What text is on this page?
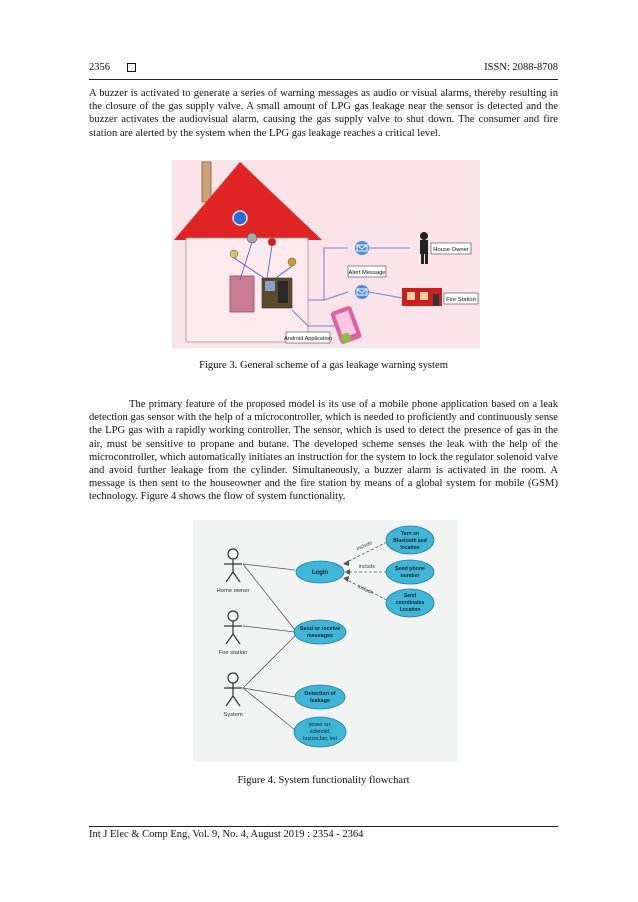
2356	ISSN: 2088-8708

A buzzer is activated to generate a series of warning messages as audio or visual alarms, thereby resulting in the closure of the gas supply valve. A small amount of LPG gas leakage near the sensor is detected and the buzzer activates the audiovisual alarm, causing the gas supply valve to shut down. The consumer and fire station are alerted by the system when the LPG gas leakage reaches a critical level.

House Owner
Alert Message
Fire Station
Android Application
Figure 3. General scheme of a gas leakage warning system

The primary feature of the proposed model is its use of a mobile phone application based on a leak detection gas sensor with the help of a microcontroller, which is needed to proficiently and continuously sense the LPG gas with a rapidly working controller. The sensor, which is used to detect the presence of gas in the air, must be sensitive to propane and butane. The developed scheme senses the leak with the help of the microcontroller, which automatically initiates an instruction for the system to lock the regulator solenoid valve and avoid further leakage from the cylinder. Simultaneously, a buzzer alarm is activated in the room. A message is then sent to the houseowner and the fire station by means of a global system for mobile (GSM) technology. Figure 4 shows the flow of system functionality.

Home owner
Fire station
System
include
include
include
Login
Send or receive
messages
Detection of
leakage
power on:
solenoid,
buzzer,fan, led
Turn on
Bluetooth and
location
Send phone
number
Send
coordinates
Location
Figure 4. System functionality flowchart
Int J Elec & Comp Eng, Vol. 9, No. 4, August 2019 : 2354 - 2364
